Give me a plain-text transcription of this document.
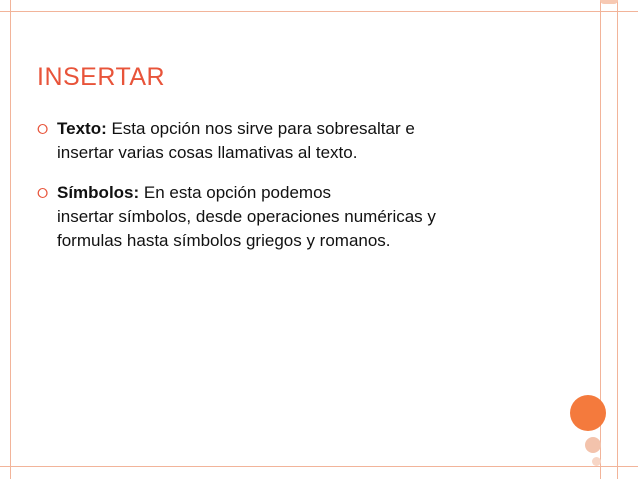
INSERTAR
⭘ Texto: Esta opción nos sirve para sobresaltar e
insertar varias cosas llamativas al texto.
⭘ Símbolos: En esta opción podemos
insertar símbolos, desde operaciones numéricas y
formulas hasta símbolos griegos y romanos.
